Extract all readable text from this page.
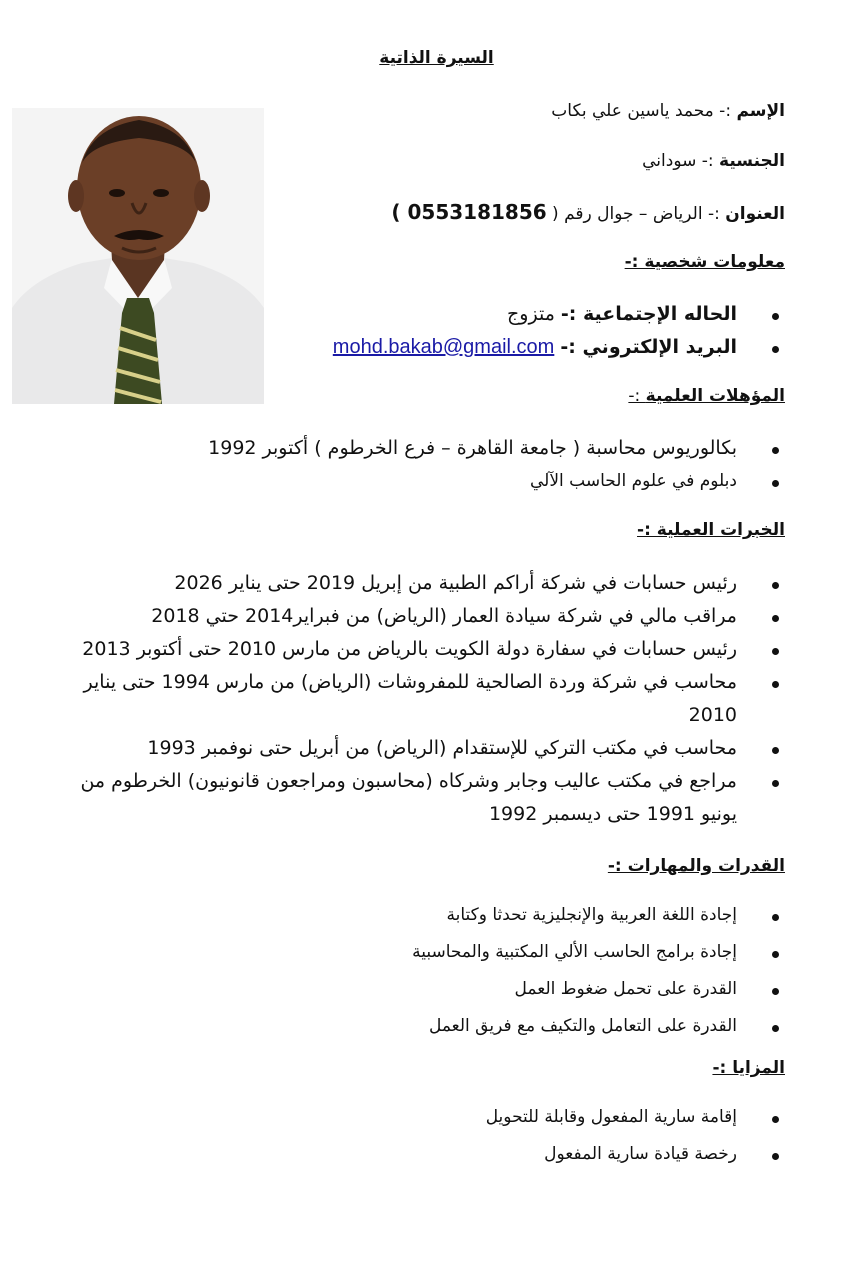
السيرة الذاتية
الإسم :- محمد ياسين علي بكاب
الجنسية :- سوداني
العنوان :- الرياض – جوال رقم ( 0553181856 )
معلومات شخصية :-
الحاله الإجتماعية :- متزوج
البريد الإلكتروني :- mohd.bakab@gmail.com
المؤهلات العلمية :-
بكالوريوس محاسبة ( جامعة القاهرة – فرع الخرطوم ) أكتوبر 1992
دبلوم في علوم الحاسب الآلي
الخبرات العملية :-
رئيس حسابات في شركة أراكم الطبية من إبريل 2019 حتى يناير 2026
مراقب مالي في شركة سيادة العمار (الرياض) من فبراير2014 حتي 2018
رئيس حسابات في سفارة دولة الكويت بالرياض من مارس 2010 حتى أكتوبر 2013
محاسب في شركة وردة الصالحية للمفروشات (الرياض) من مارس 1994 حتى يناير 2010
محاسب في مكتب التركي للإستقدام (الرياض) من أبريل حتى نوفمبر 1993
مراجع في مكتب عاليب وجابر وشركاه (محاسبون ومراجعون قانونيون) الخرطوم من يونيو 1991 حتى ديسمبر 1992
القدرات والمهارات :-
إجادة اللغة العربية والإنجليزية تحدثا وكتابة
إجادة برامج الحاسب الألي المكتبية والمحاسبية
القدرة على تحمل ضغوط العمل
القدرة على التعامل والتكيف مع فريق العمل
المزايا :-
إقامة سارية المفعول وقابلة للتحويل
رخصة قيادة سارية المفعول
